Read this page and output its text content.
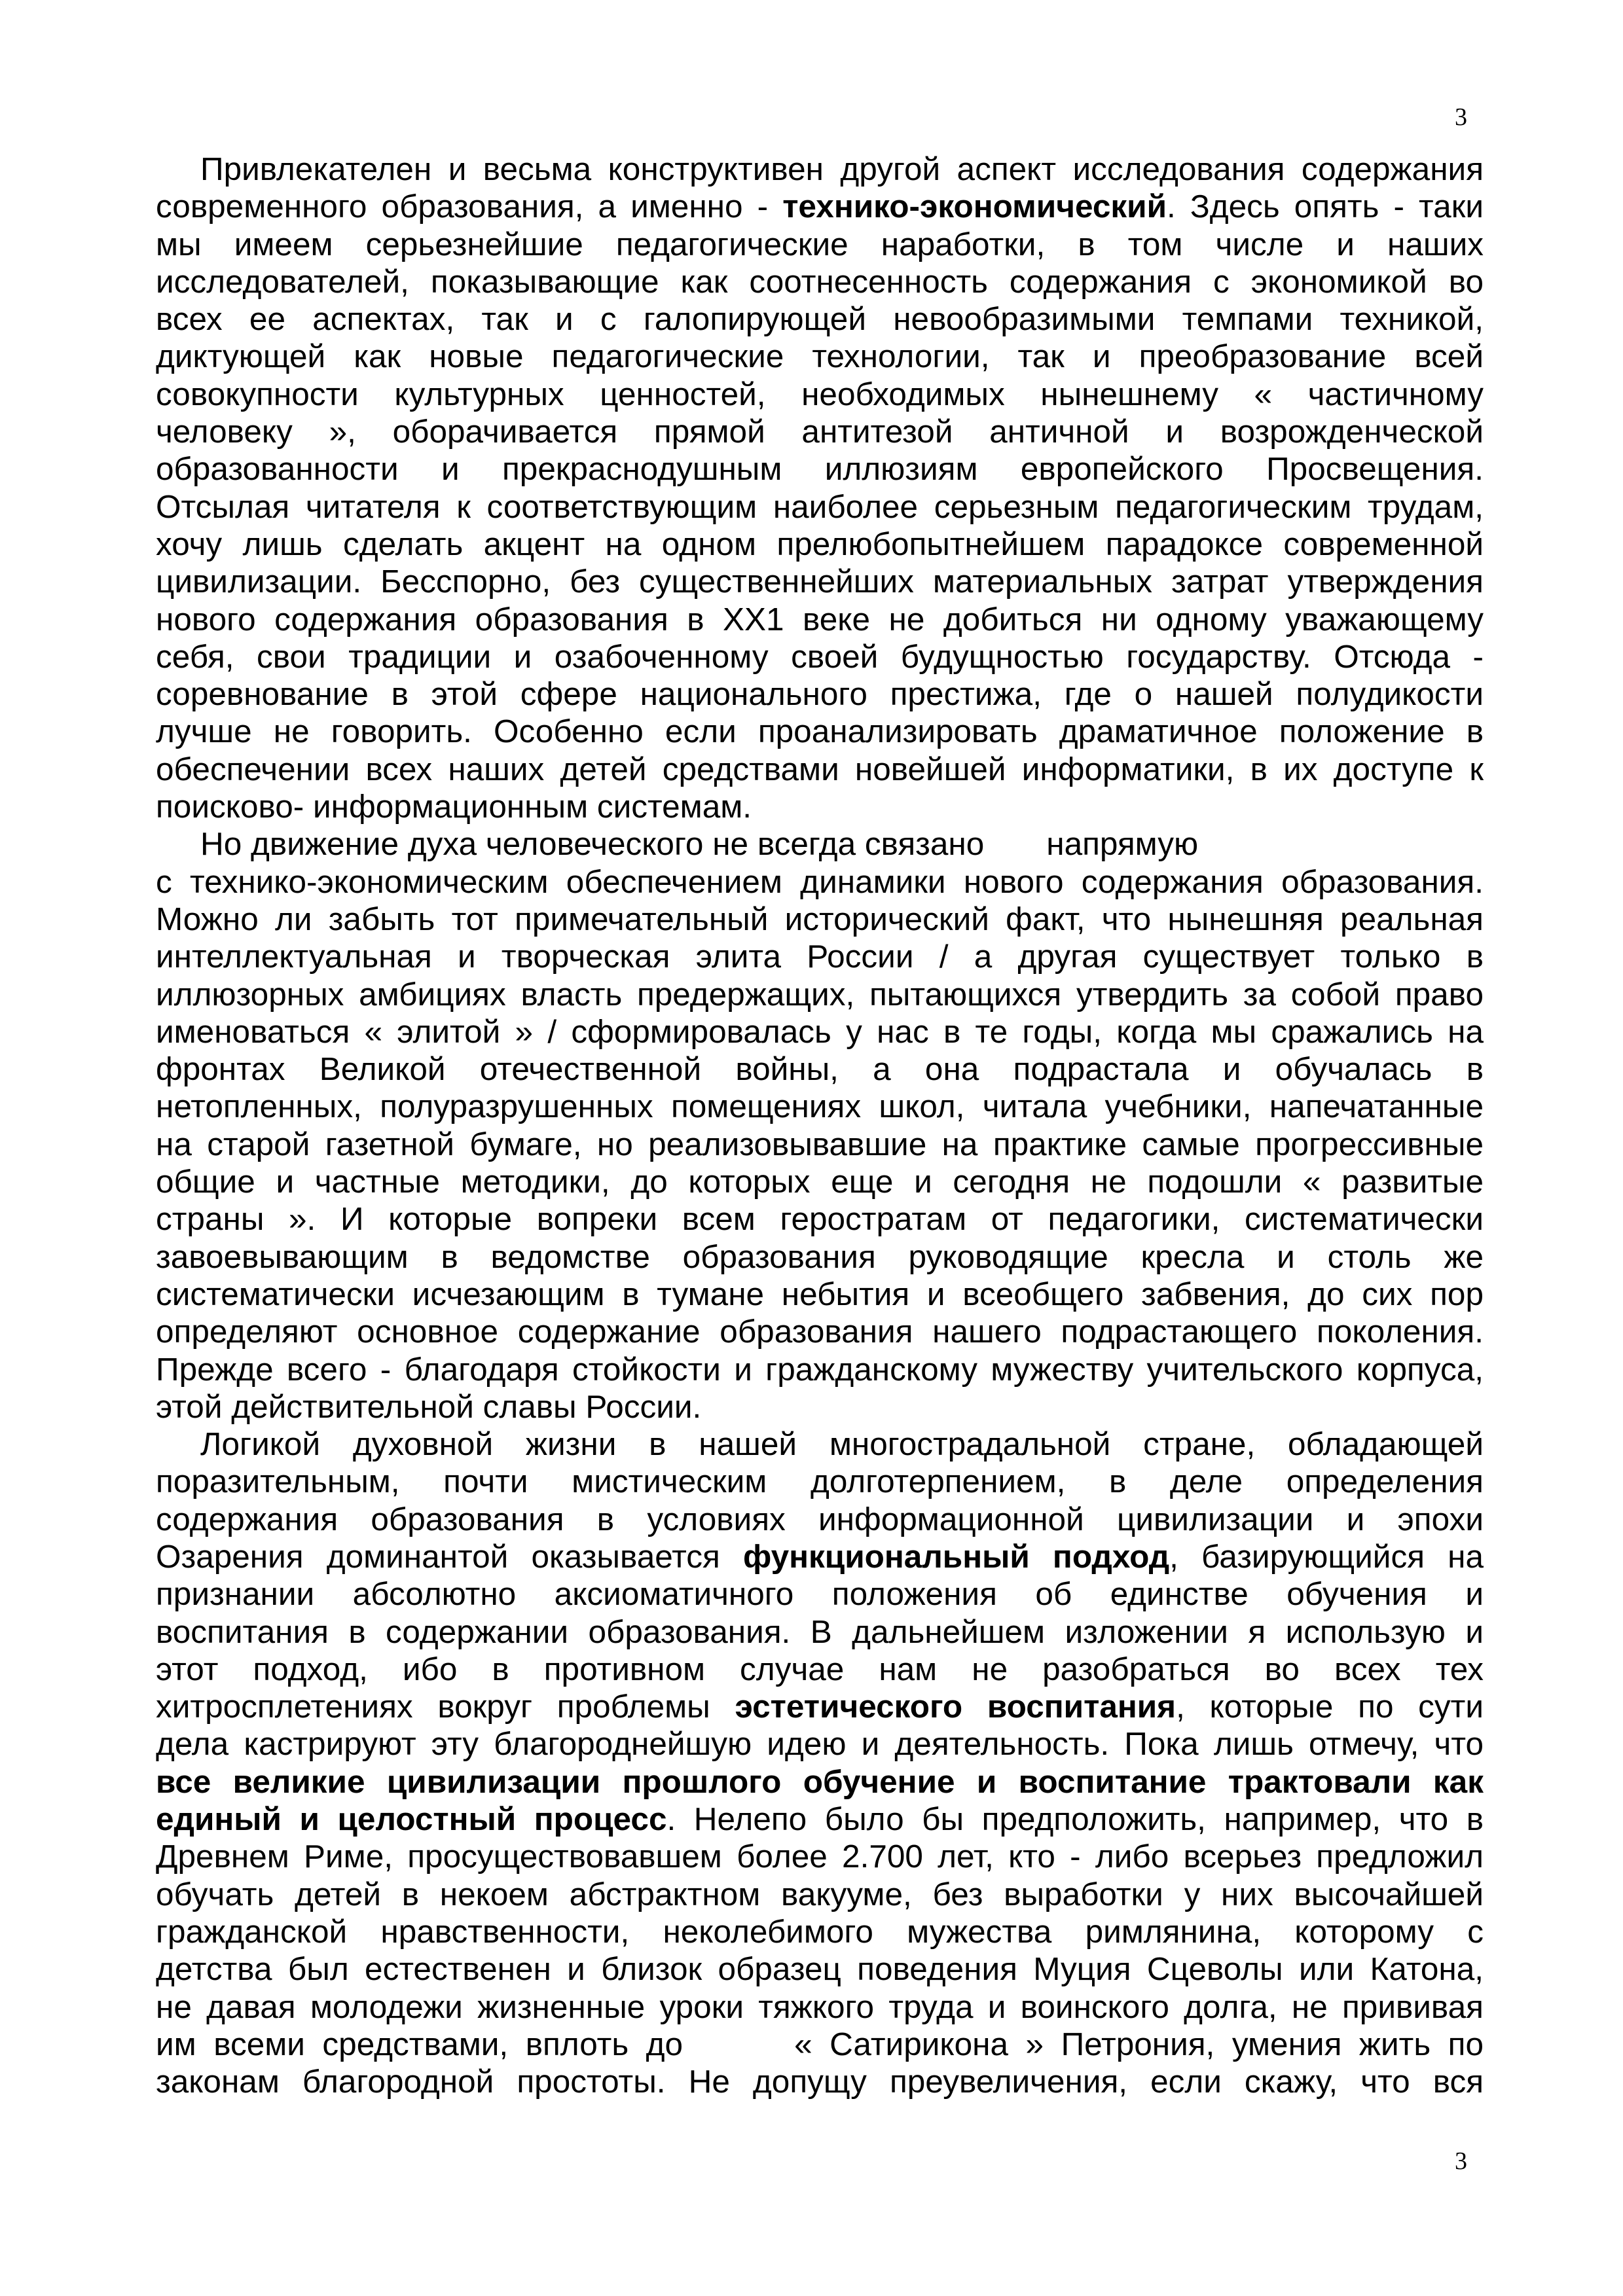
3
Привлекателен и весьма конструктивен другой аспект исследования содержания
современного образования, а именно - технико-экономический. Здесь опять - таки
мы имеем серьезнейшие педагогические наработки, в том числе и наших
исследователей, показывающие как соотнесенность содержания с экономикой во
всех ее аспектах, так и с галопирующей невообразимыми темпами техникой,
диктующей как новые педагогические технологии, так и преобразование всей
совокупности культурных ценностей, необходимых нынешнему « частичному
человеку », оборачивается прямой антитезой античной и возрожденческой
образованности и прекраснодушным иллюзиям европейского Просвещения.
Отсылая читателя к соответствующим наиболее серьезным педагогическим трудам,
хочу лишь сделать акцент на одном прелюбопытнейшем парадоксе современной
цивилизации. Бесспорно, без существеннейших материальных затрат утверждения
нового содержания образования в ХХ1 веке не добиться ни одному уважающему
себя, свои традиции и озабоченному своей будущностью государству. Отсюда -
соревнование в этой сфере национального престижа, где о нашей полудикости
лучше не говорить. Особенно если проанализировать драматичное положение в
обеспечении всех наших детей средствами новейшей информатики, в их доступе к
поисково- информационным системам.
Но движение духа человеческого не всегда связано напрямую
с технико-экономическим обеспечением динамики нового содержания образования.
Можно ли забыть тот примечательный исторический факт, что нынешняя реальная
интеллектуальная и творческая элита России / а другая существует только в
иллюзорных амбициях власть предержащих, пытающихся утвердить за собой право
именоваться « элитой » / сформировалась у нас в те годы, когда мы сражались на
фронтах Великой отечественной войны, а она подрастала и обучалась в
нетопленных, полуразрушенных помещениях школ, читала учебники, напечатанные
на старой газетной бумаге, но реализовывавшие на практике самые прогрессивные
общие и частные методики, до которых еще и сегодня не подошли « развитые
страны ». И которые вопреки всем геростратам от педагогики, систематически
завоевывающим в ведомстве образования руководящие кресла и столь же
систематически исчезающим в тумане небытия и всеобщего забвения, до сих пор
определяют основное содержание образования нашего подрастающего поколения.
Прежде всего - благодаря стойкости и гражданскому мужеству учительского корпуса,
этой действительной славы России.
Логикой духовной жизни в нашей многострадальной стране, обладающей
поразительным, почти мистическим долготерпением, в деле определения
содержания образования в условиях информационной цивилизации и эпохи
Озарения доминантой оказывается функциональный подход, базирующийся на
признании абсолютно аксиоматичного положения об единстве обучения и
воспитания в содержании образования. В дальнейшем изложении я использую и
этот подход, ибо в противном случае нам не разобраться во всех тех
хитросплетениях вокруг проблемы эстетического воспитания, которые по сути
дела кастрируют эту благороднейшую идею и деятельность. Пока лишь отмечу, что
все великие цивилизации прошлого обучение и воспитание трактовали как
единый и целостный процесс. Нелепо было бы предположить, например, что в
Древнем Риме, просуществовавшем более 2.700 лет, кто - либо всерьез предложил
обучать детей в некоем абстрактном вакууме, без выработки у них высочайшей
гражданской нравственности, неколебимого мужества римлянина, которому с
детства был естественен и близок образец поведения Муция Сцеволы или Катона,
не давая молодежи жизненные уроки тяжкого труда и воинского долга, не прививая
им всеми средствами, вплоть до	« Сатирикона » Петрония, умения жить по
законам благородной простоты. Не допущу преувеличения, если скажу, что вся
3
